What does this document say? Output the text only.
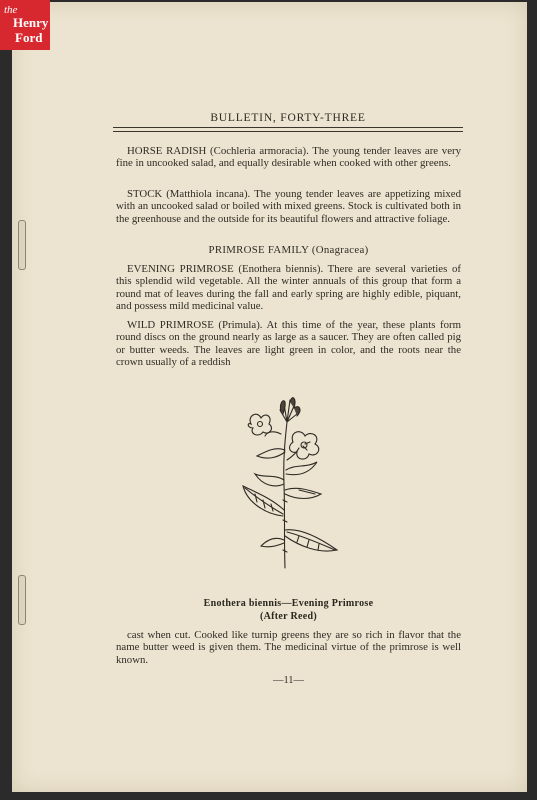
the
Henry
Ford
BULLETIN, FORTY-THREE

HORSE RADISH (Cochleria armoracia). The young tender leaves are very fine in uncooked salad, and equally desirable when cooked with other greens.

STOCK (Matthiola incana). The young tender leaves are appetizing mixed with an uncooked salad or boiled with mixed greens. Stock is cultivated both in the greenhouse and the outside for its beautiful flowers and attractive foliage.

PRIMROSE FAMILY (Onagracea)

EVENING PRIMROSE (Enothera biennis). There are several varieties of this splendid wild vegetable. All the winter annuals of this group that form a round mat of leaves during the fall and early spring are highly edible, piquant, and possess mild medicinal value.

WILD PRIMROSE (Primula). At this time of the year, these plants form round discs on the ground nearly as large as a saucer. They are often called pig or butter weeds. The leaves are light green in color, and the roots near the crown usually of a reddish

Enothera biennis—Evening Primrose
(After Reed)

cast when cut. Cooked like turnip greens they are so rich in flavor that the name butter weed is given them. The medicinal virtue of the primrose is well known.

—11—
